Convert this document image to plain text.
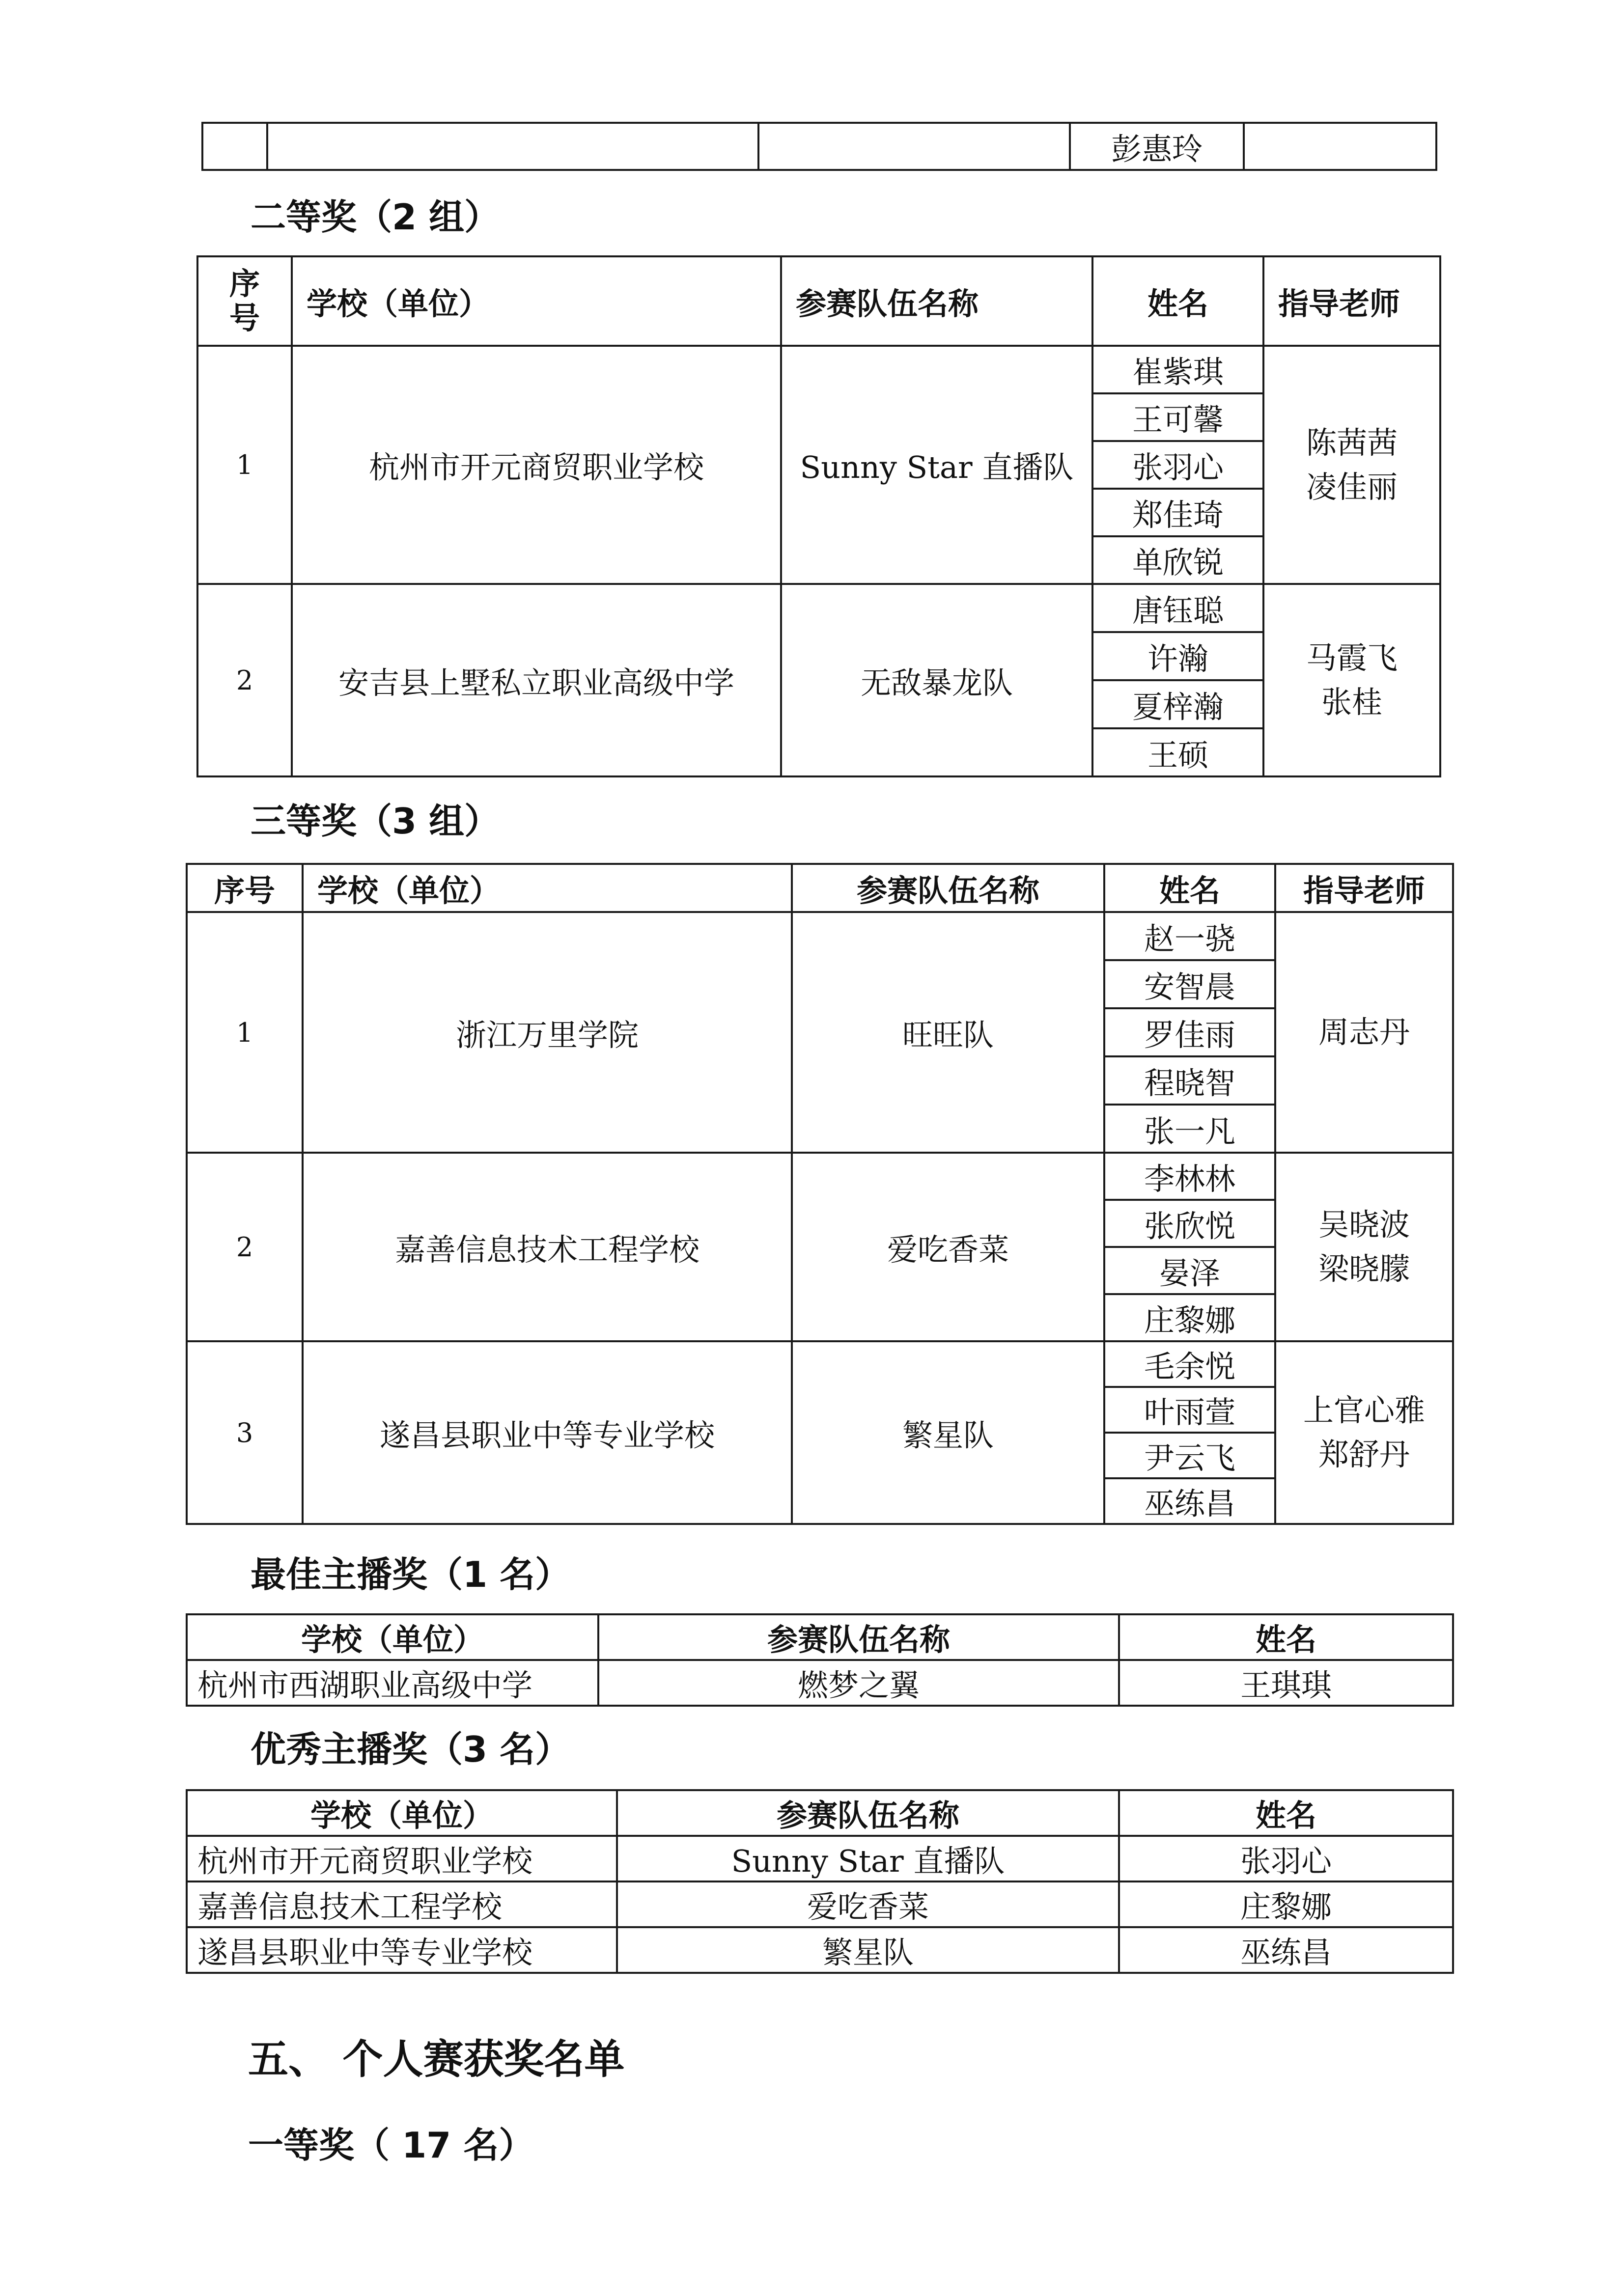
			彭惠玲	
二等奖（2 组）
序
号	学校（单位）	参赛队伍名称	姓名	指导老师
1	杭州市开元商贸职业学校	Sunny Star 直播队	崔紫琪	陈茜茜
凌佳丽

			王可馨	
			张羽心	
			郑佳琦	
			单欣锐	
2	安吉县上墅私立职业高级中学	无敌暴龙队	唐钰聪	马霞飞
张桂

			许瀚	
			夏梓瀚	
			王硕	
三等奖（3 组）
序号	学校（单位）	参赛队伍名称	姓名	指导老师
1	浙江万里学院	旺旺队	赵一骁	周志丹

			安智晨	
			罗佳雨	
			程晓智	
			张一凡	
2	嘉善信息技术工程学校	爱吃香菜	李林林	吴晓波
梁晓朦

			张欣悦	
			晏泽	
			庄黎娜	
3	遂昌县职业中等专业学校	繁星队	毛余悦	上官心雅
郑舒丹

			叶雨萱	
			尹云飞	
			巫练昌	
最佳主播奖（1 名）
学校（单位）	参赛队伍名称	姓名
杭州市西湖职业高级中学	燃梦之翼	王琪琪
优秀主播奖（3 名）
学校（单位）	参赛队伍名称	姓名
杭州市开元商贸职业学校	Sunny Star 直播队	张羽心
嘉善信息技术工程学校	爱吃香菜	庄黎娜
遂昌县职业中等专业学校	繁星队	巫练昌
五、 个人赛获奖名单
一等奖（ 17 名）
